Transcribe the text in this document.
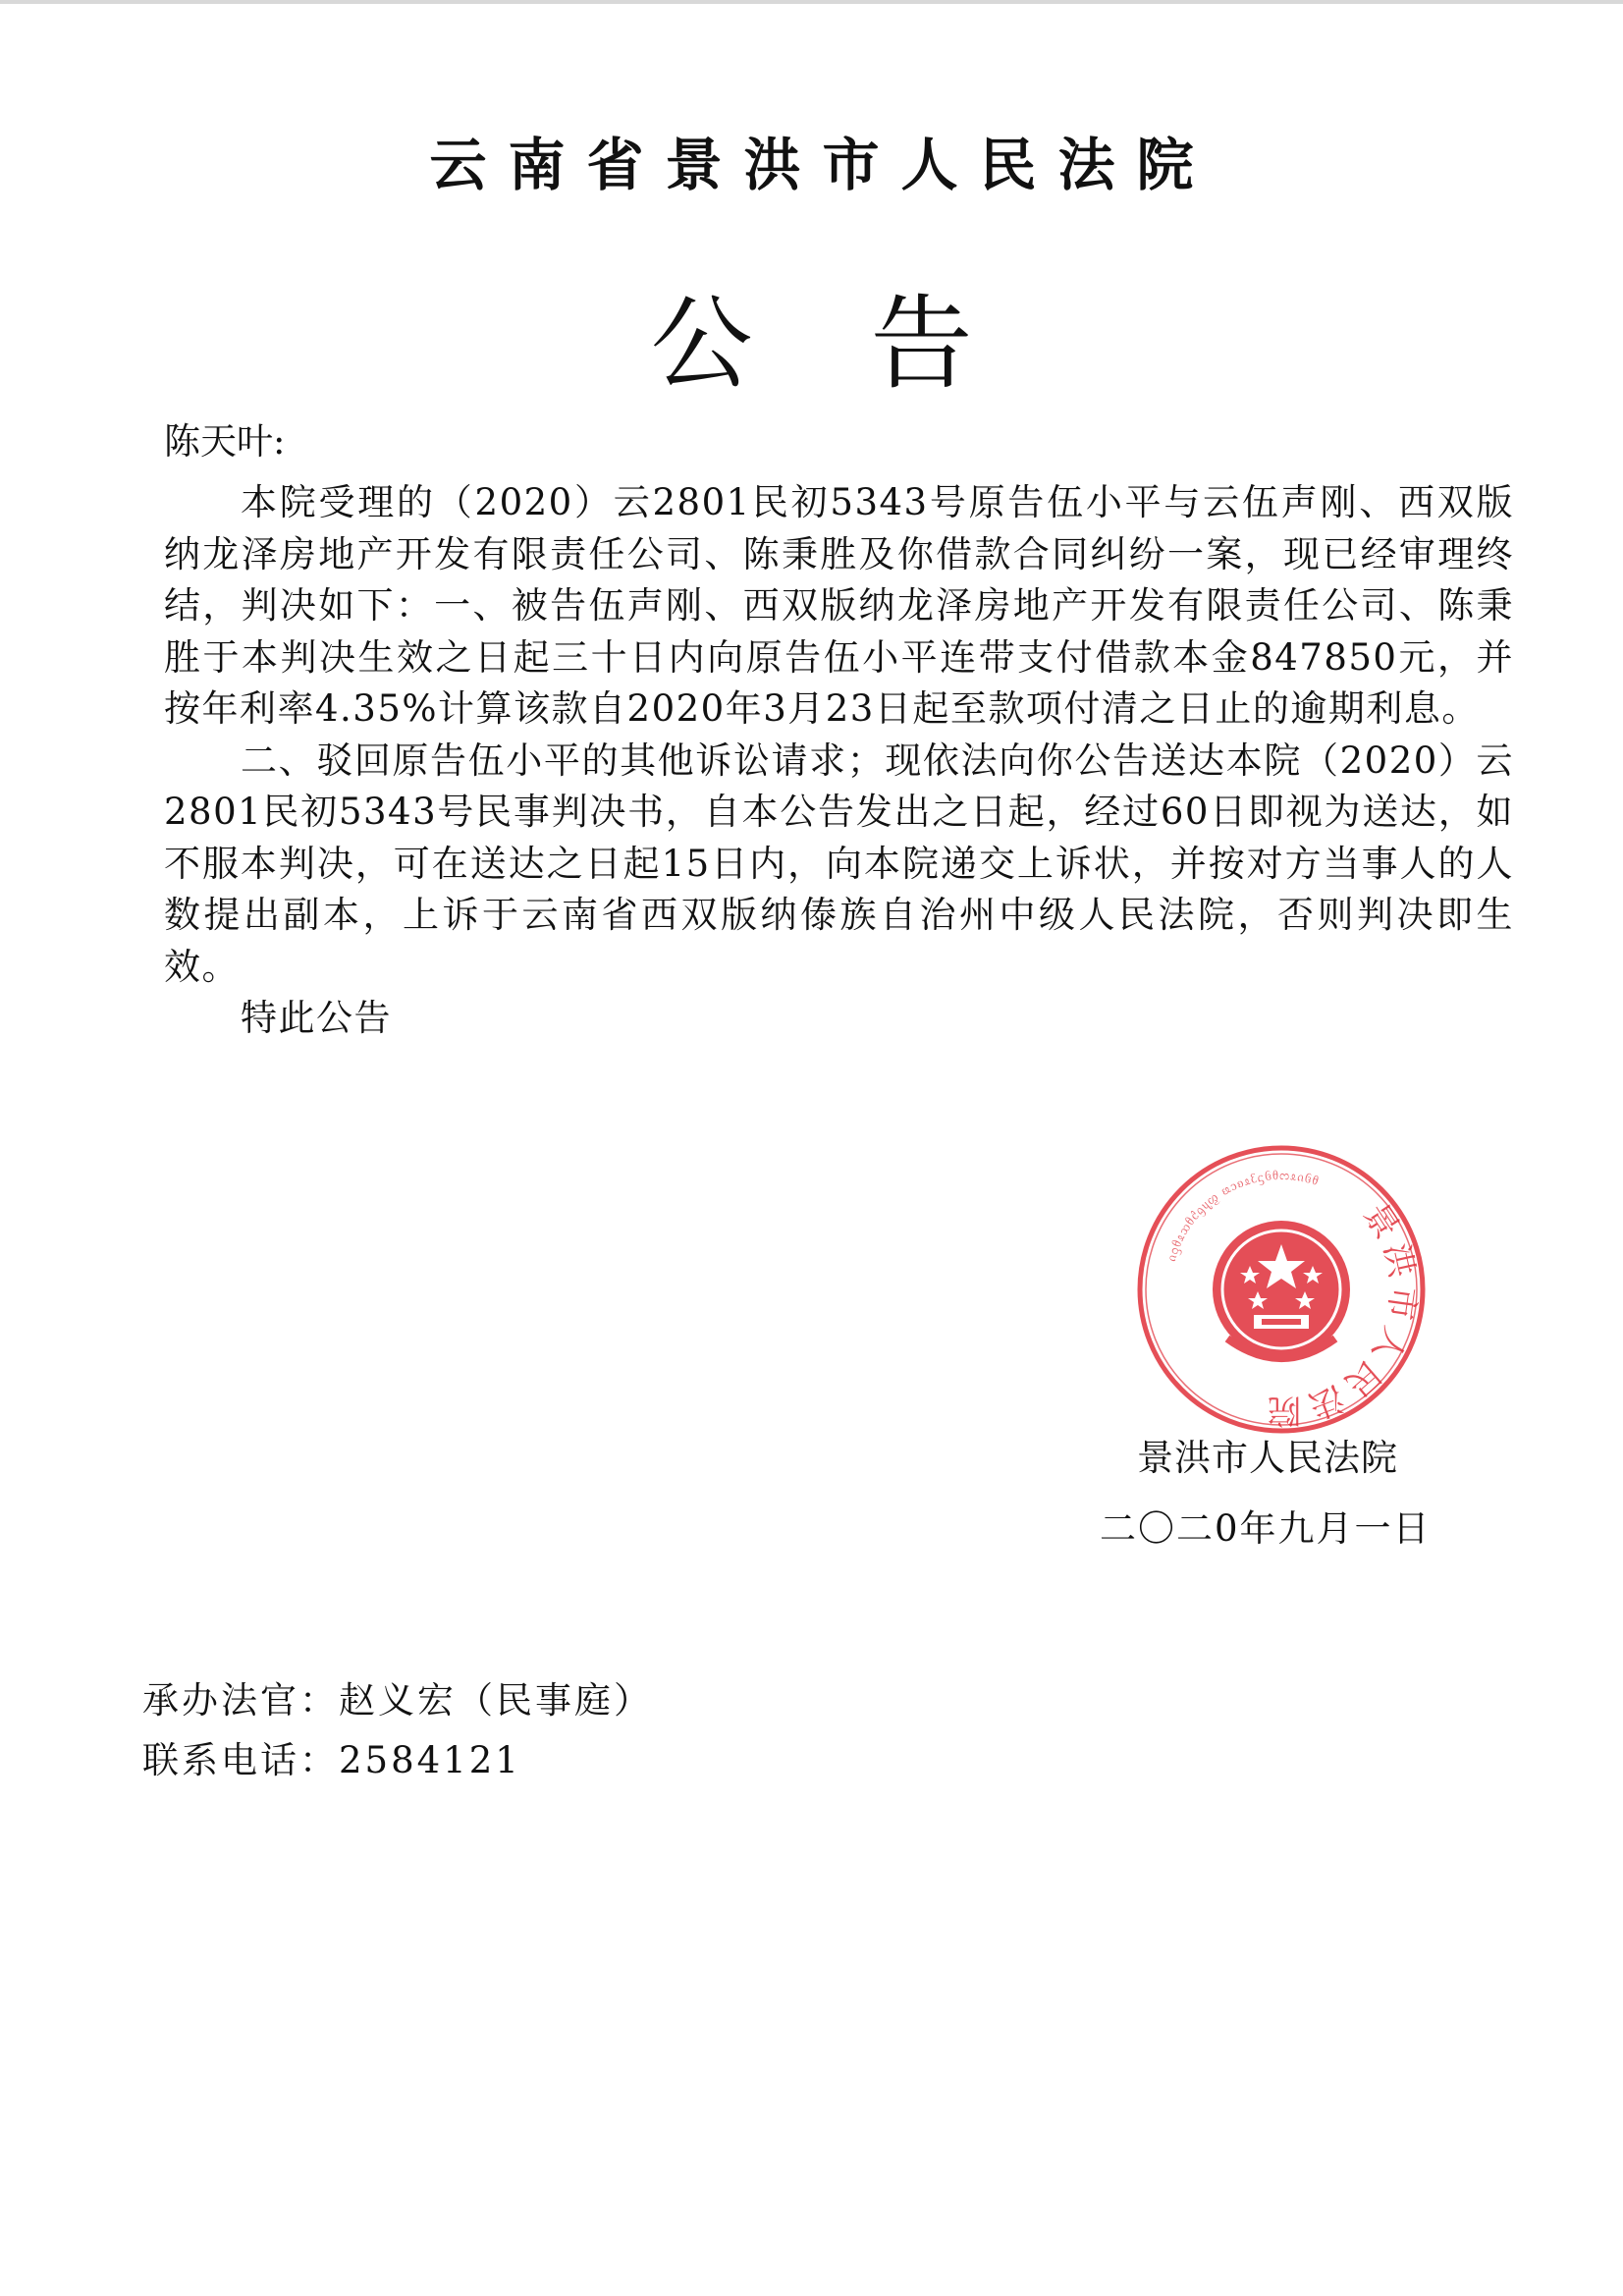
云南省景洪市人民法院
公告
陈天叶:

本院受理的（2020）云2801民初5343号原告伍小平与云伍声刚、西双版纳龙泽房地产开发有限责任公司、陈秉胜及你借款合同纠纷一案，现已经审理终结，判决如下：一、被告伍声刚、西双版纳龙泽房地产开发有限责任公司、陈秉胜于本判决生效之日起三十日内向原告伍小平连带支付借款本金847850元，并按年利率4.35%计算该款自2020年3月23日起至款项付清之日止的逾期利息。

二、驳回原告伍小平的其他诉讼请求；现依法向你公告送达本院（2020）云2801民初5343号民事判决书，自本公告发出之日起，经过60日即视为送达，如不服本判决，可在送达之日起15日内，向本院递交上诉状，并按对方当事人的人数提出副本，上诉于云南省西双版纳傣族自治州中级人民法院，否则判决即生效。

特此公告

景洪市人民法院
ᦵᦋᦲᦸᦉᦲᦺᦇᦴᦖ ᦕᦱᦈᦸᦷᦓᦑᦲᦂᦸᦵᦑᦲ
景洪市人民法院
二〇二0年九月一日
承办法官：赵义宏（民事庭）
联系电话：2584121
